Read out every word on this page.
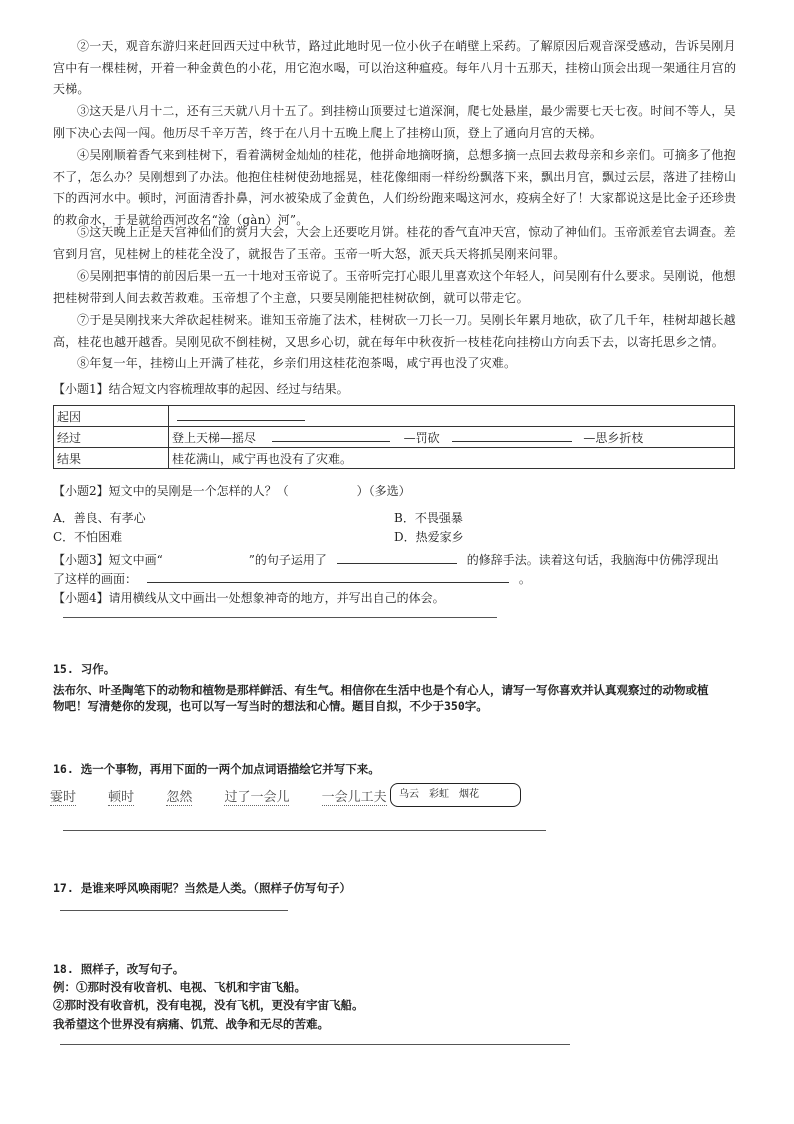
②一天，观音东游归来赶回西天过中秋节，路过此地时见一位小伙子在峭壁上采药。了解原因后观音深受感动，告诉吴刚月宫中有一棵桂树，开着一种金黄色的小花，用它泡水喝，可以治这种瘟疫。每年八月十五那天，挂榜山顶会出现一架通往月宫的天梯。
③这天是八月十二，还有三天就八月十五了。到挂榜山顶要过七道深涧，爬七处悬崖，最少需要七天七夜。时间不等人，吴刚下决心去闯一闯。他历尽千辛万苦，终于在八月十五晚上爬上了挂榜山顶，登上了通向月宫的天梯。
④吴刚顺着香气来到桂树下，看着满树金灿灿的桂花，他拼命地摘呀摘，总想多摘一点回去救母亲和乡亲们。可摘多了他抱不了，怎么办？吴刚想到了办法。他抱住桂树使劲地摇晃，桂花像细雨一样纷纷飘落下来，飘出月宫，飘过云层，落进了挂榜山下的西河水中。顿时，河面清香扑鼻，河水被染成了金黄色，人们纷纷跑来喝这河水，疫病全好了！大家都说这是比金子还珍贵的救命水，于是就给西河改名“淦（gàn）河”。
⑤这天晚上正是天宫神仙们的赏月大会，大会上还要吃月饼。桂花的香气直冲天宫，惊动了神仙们。玉帝派差官去调查。差官到月宫，见桂树上的桂花全没了，就报告了玉帝。玉帝一听大怒，派天兵天将抓吴刚来问罪。
⑥吴刚把事情的前因后果一五一十地对玉帝说了。玉帝听完打心眼儿里喜欢这个年轻人，问吴刚有什么要求。吴刚说，他想把桂树带到人间去救苦救难。玉帝想了个主意，只要吴刚能把桂树砍倒，就可以带走它。
⑦于是吴刚找来大斧砍起桂树来。谁知玉帝施了法术，桂树砍一刀长一刀。吴刚长年累月地砍，砍了几千年，桂树却越长越高，桂花也越开越香。吴刚见砍不倒桂树，又思乡心切，就在每年中秋夜折一枝桂花向挂榜山方向丢下去，以寄托思乡之情。
⑧年复一年，挂榜山上开满了桂花，乡亲们用这桂花泡茶喝，咸宁再也没了灾难。
【小题1】结合短文内容梳理故事的起因、经过与结果。
起因	
经过	登上天梯—摇尽 —罚砍 —思乡折枝
结果	桂花满山，咸宁再也没有了灾难。
【小题2】短文中的吴刚是一个怎样的人？（	）（多选）
A．善良、有孝心	B．不畏强暴
C．不怕困难	D．热爱家乡
【小题3】短文中画“	”的句子运用了	的修辞手法。读着这句话，我脑海中仿佛浮现出
了这样的画面：	。
【小题4】请用横线从文中画出一处想象神奇的地方，并写出自己的体会。
15. 习作。
法布尔、叶圣陶笔下的动物和植物是那样鲜活、有生气。相信你在生活中也是个有心人，请写一写你喜欢并认真观察过的动物或植
物吧！写清楚你的发现，也可以写一写当时的想法和心情。题目自拟，不少于350字。
16. 选一个事物，再用下面的一两个加点词语描绘它并写下来。
霎时 顿时 忽然 过了一会儿 一会儿工夫	乌云　彩虹　烟花
17. 是谁来呼风唤雨呢？当然是人类。（照样子仿写句子）
18. 照样子，改写句子。
例：①那时没有收音机、电视、飞机和宇宙飞船。
②那时没有收音机，没有电视，没有飞机，更没有宇宙飞船。
我希望这个世界没有病痛、饥荒、战争和无尽的苦难。
